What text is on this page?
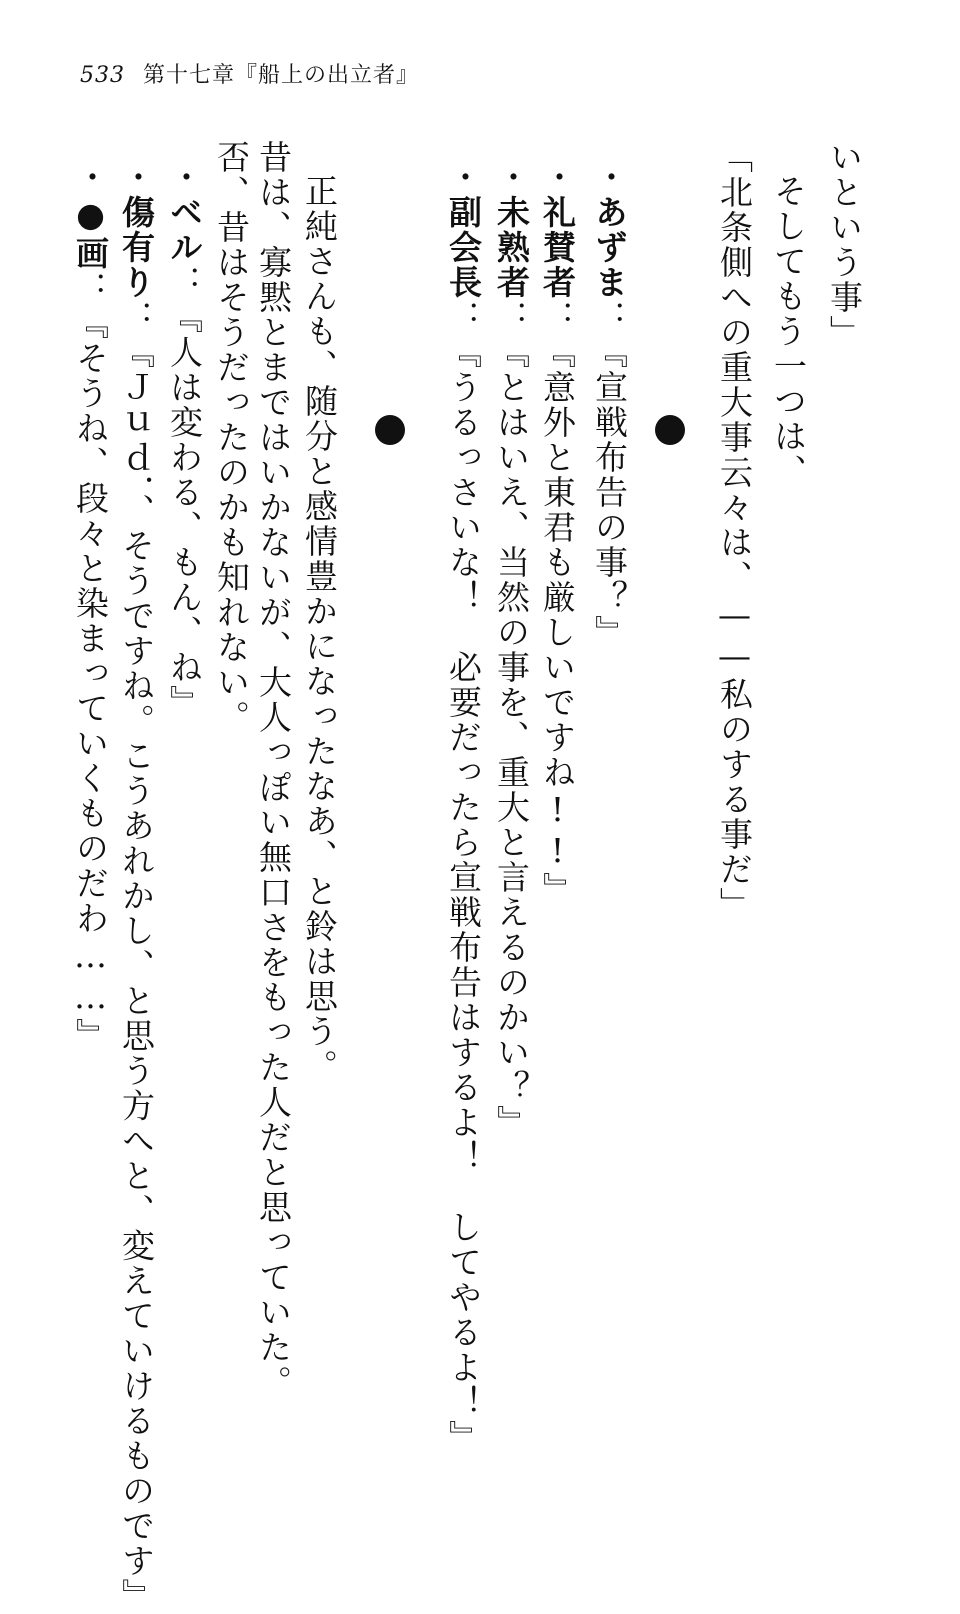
533 第十七章『船上の出立者』
いという事」
そしてもう一つは、
「北条側への重大事云々は、——私のする事だ」
・あずま：『宣戦布告の事？』
・礼賛者：『意外と東君も厳しいですね!!』
・未熟者：『とはいえ、当然の事を、重大と言えるのかい？』
・副会長：『うるっさいな！　必要だったら宣戦布告はするよ！　してやるよ！』
正純さんも、随分と感情豊かになったなあ、と鈴は思う。
昔は、寡黙とまではいかないが、大人っぽい無口さをもった人だと思っていた。
否、昔はそうだったのかも知れない。
・ベル：『人は変わる、もん、ね』
・傷有り：『Ｊｕｄ．、そうですね。こうあれかし、と思う方へと、変えていけるものです』
・●画：『そうね、段々と染まっていくものだわ……』
